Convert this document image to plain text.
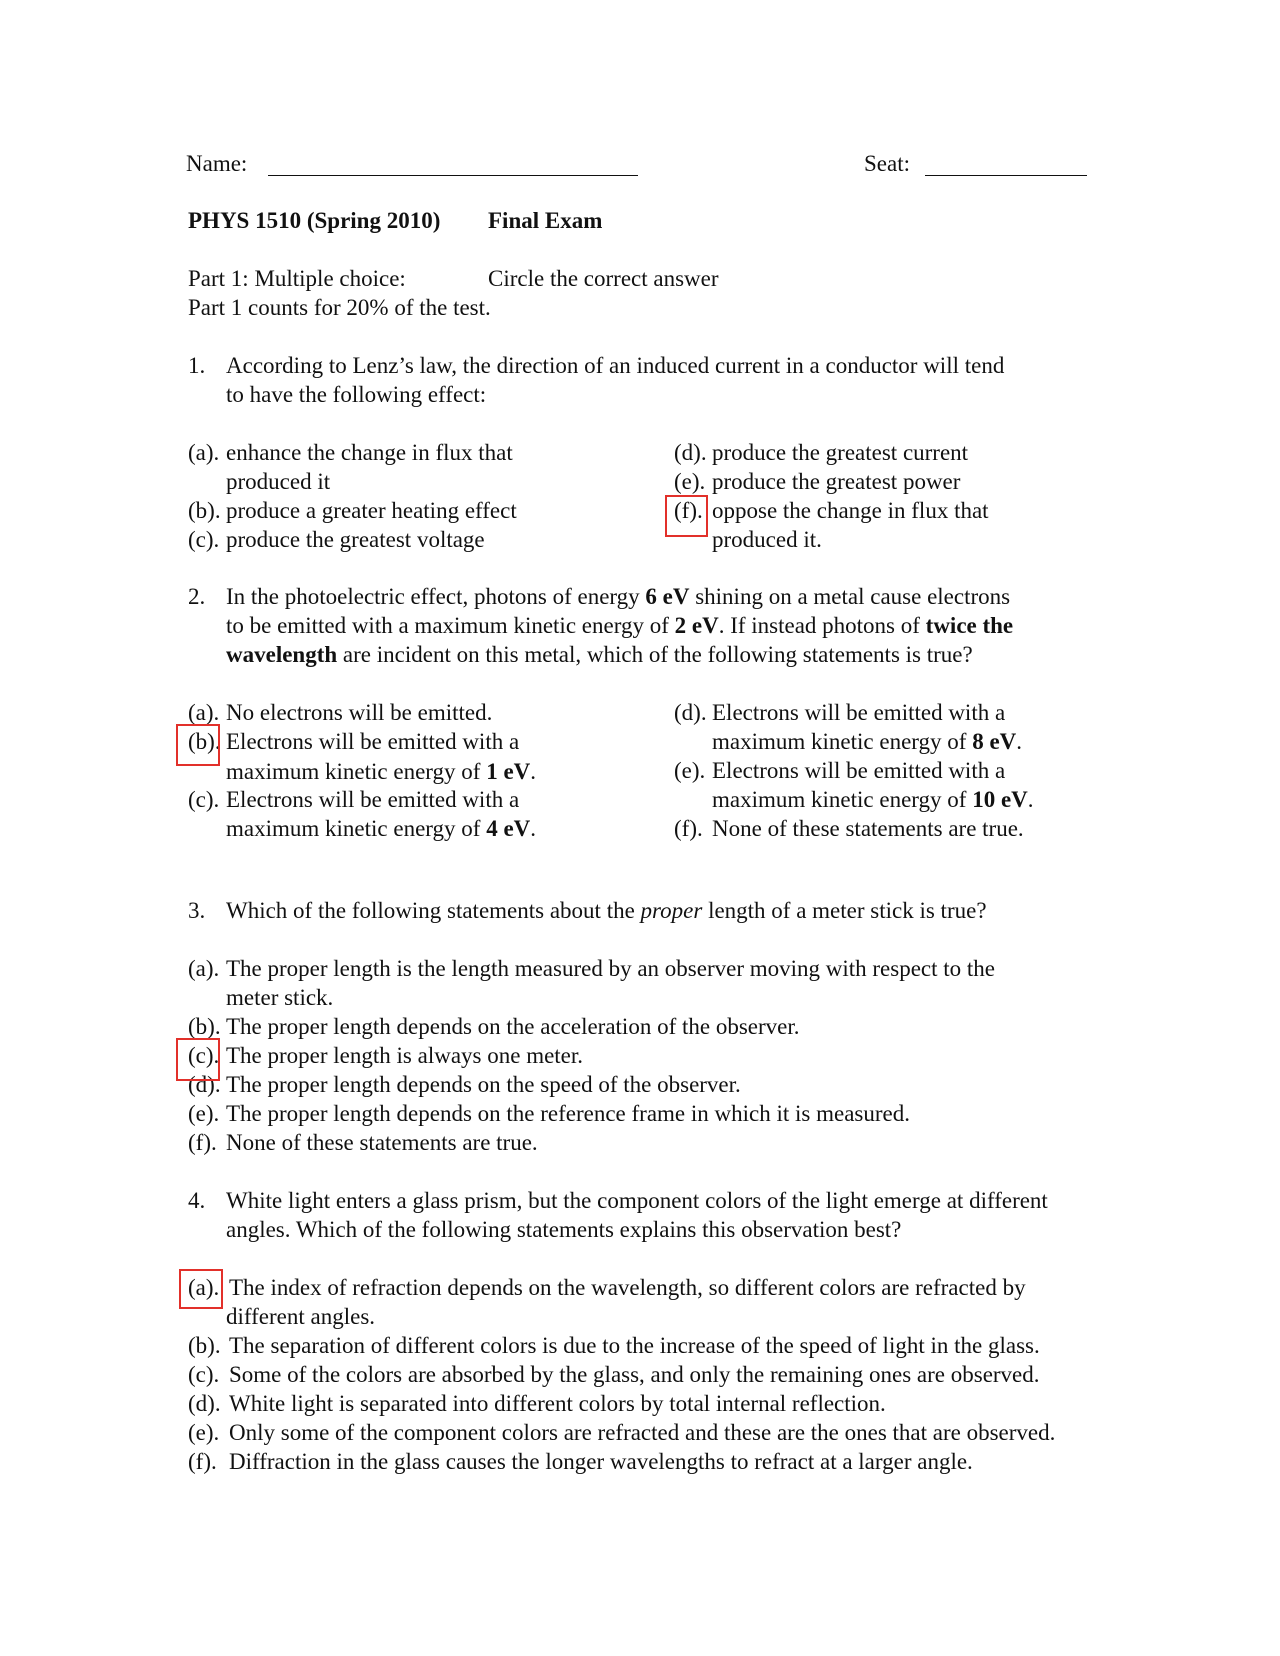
Name:	Seat:
PHYS 1510 (Spring 2010) Final Exam
Part 1: Multiple choice:	Circle the correct answer
Part 1 counts for 20% of the test.
1. According to Lenz’s law, the direction of an induced current in a conductor will tend
to have the following effect:
(a). enhance the change in flux that
produced it
(b). produce a greater heating effect
(c). produce the greatest voltage
(d). produce the greatest current
(e). produce the greatest power
(f). oppose the change in flux that
produced it.
2. In the photoelectric effect, photons of energy 6 eV shining on a metal cause electrons
to be emitted with a maximum kinetic energy of 2 eV. If instead photons of twice the
wavelength are incident on this metal, which of the following statements is true?
(a). No electrons will be emitted.
(b). Electrons will be emitted with a
maximum kinetic energy of 1 eV.
(c). Electrons will be emitted with a
maximum kinetic energy of 4 eV.
(d). Electrons will be emitted with a
maximum kinetic energy of 8 eV.
(e). Electrons will be emitted with a
maximum kinetic energy of 10 eV.
(f). None of these statements are true.
3. Which of the following statements about the proper length of a meter stick is true?
(a). The proper length is the length measured by an observer moving with respect to the
meter stick.
(b). The proper length depends on the acceleration of the observer.
(c). The proper length is always one meter.
(d). The proper length depends on the speed of the observer.
(e). The proper length depends on the reference frame in which it is measured.
(f). None of these statements are true.
4. White light enters a glass prism, but the component colors of the light emerge at different
angles. Which of the following statements explains this observation best?
(a). The index of refraction depends on the wavelength, so different colors are refracted by
different angles.
(b). The separation of different colors is due to the increase of the speed of light in the glass.
(c). Some of the colors are absorbed by the glass, and only the remaining ones are observed.
(d). White light is separated into different colors by total internal reflection.
(e). Only some of the component colors are refracted and these are the ones that are observed.
(f). Diffraction in the glass causes the longer wavelengths to refract at a larger angle.
